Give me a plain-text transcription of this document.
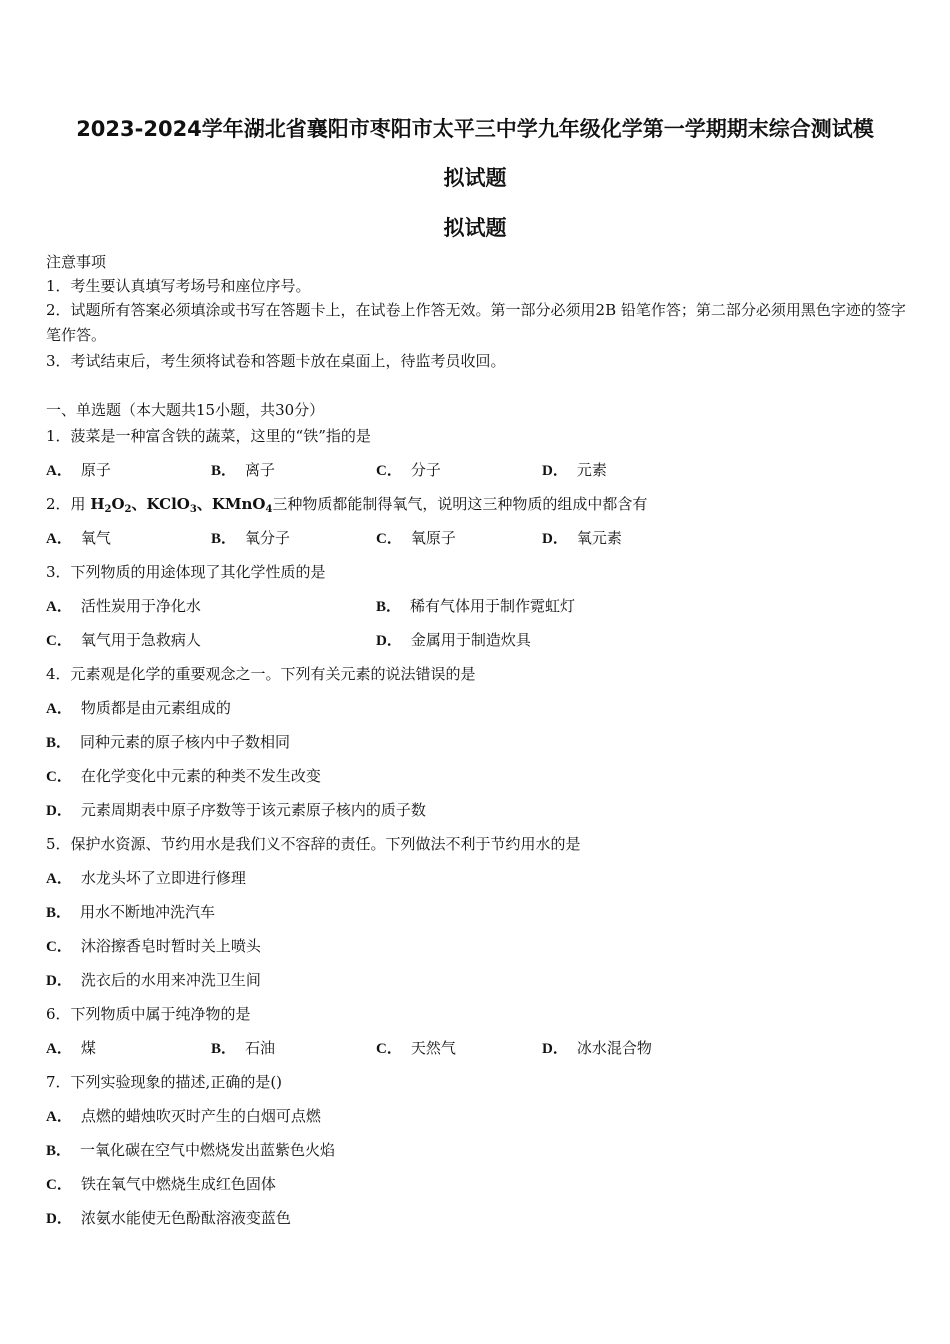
2023-2024学年湖北省襄阳市枣阳市太平三中学九年级化学第一学期期末综合测试模
拟试题
拟试题
注意事项
1．考生要认真填写考场号和座位序号。
2．试题所有答案必须填涂或书写在答题卡上，在试卷上作答无效。第一部分必须用2B 铅笔作答；第二部分必须用黑色字迹的签字笔作答。
3．考试结束后，考生须将试卷和答题卡放在桌面上，待监考员收回。
一、单选题（本大题共15小题，共30分）
1．菠菜是一种富含铁的蔬菜，这里的“铁”指的是
A． 原子	B． 离子	C． 分子	D． 元素
2．用 $H_2O_2$、KClO$_3$、KMnO$_4$三种物质都能制得氧气，说明这三种物质的组成中都含有
A． 氧气	B． 氧分子	C． 氧原子	D． 氧元素
3．下列物质的用途体现了其化学性质的是
A． 活性炭用于净化水	B． 稀有气体用于制作霓虹灯
C． 氧气用于急救病人	D． 金属用于制造炊具
4．元素观是化学的重要观念之一。下列有关元素的说法错误的是
A． 物质都是由元素组成的
B． 同种元素的原子核内中子数相同
C． 在化学变化中元素的种类不发生改变
D． 元素周期表中原子序数等于该元素原子核内的质子数
5．保护水资源、节约用水是我们义不容辞的责任。下列做法不利于节约用水的是
A． 水龙头坏了立即进行修理
B． 用水不断地冲洗汽车
C． 沐浴擦香皂时暂时关上喷头
D． 洗衣后的水用来冲洗卫生间
6．下列物质中属于纯净物的是
A． 煤	B． 石油	C． 天然气	D． 冰水混合物
7．下列实验现象的描述,正确的是()
A． 点燃的蜡烛吹灭时产生的白烟可点燃
B． 一氧化碳在空气中燃烧发出蓝紫色火焰
C． 铁在氧气中燃烧生成红色固体
D． 浓氨水能使无色酚酞溶液变蓝色
